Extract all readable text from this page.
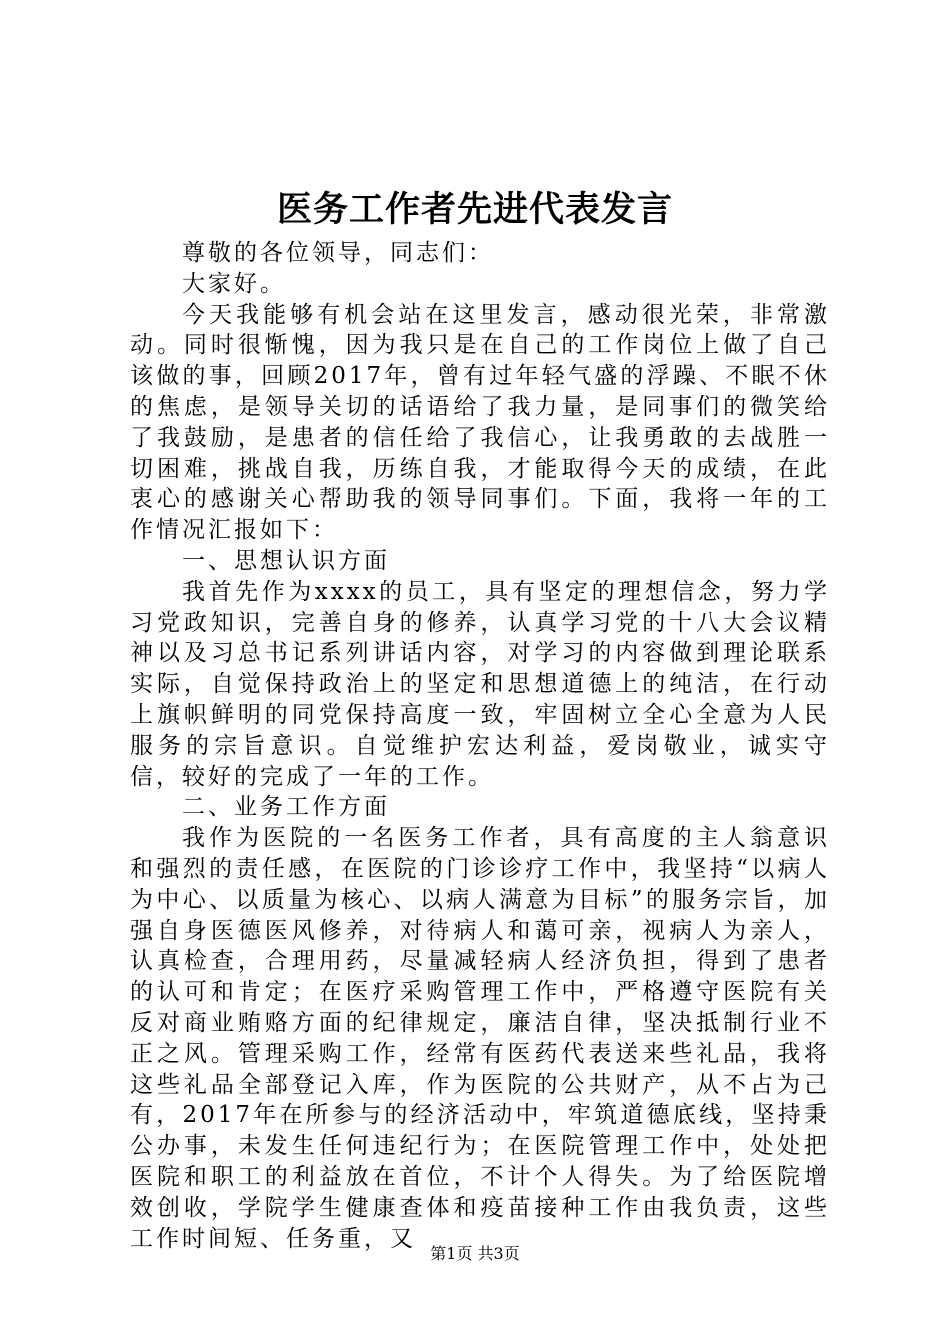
医务工作者先进代表发言

尊敬的各位领导，同志们：

大家好。

今天我能够有机会站在这里发言，感动很光荣，非常激动。同时很惭愧，因为我只是在自己的工作岗位上做了自己该做的事，回顾2017年，曾有过年轻气盛的浮躁、不眠不休的焦虑，是领导关切的话语给了我力量，是同事们的微笑给了我鼓励，是患者的信任给了我信心，让我勇敢的去战胜一切困难，挑战自我，历练自我，才能取得今天的成绩，在此衷心的感谢关心帮助我的领导同事们。下面，我将一年的工作情况汇报如下：

一、思想认识方面

我首先作为xxxx的员工，具有坚定的理想信念，努力学习党政知识，完善自身的修养，认真学习党的十八大会议精神以及习总书记系列讲话内容，对学习的内容做到理论联系实际，自觉保持政治上的坚定和思想道德上的纯洁，在行动上旗帜鲜明的同党保持高度一致，牢固树立全心全意为人民服务的宗旨意识。自觉维护宏达利益，爱岗敬业，诚实守信，较好的完成了一年的工作。

二、业务工作方面

我作为医院的一名医务工作者，具有高度的主人翁意识和强烈的责任感，在医院的门诊诊疗工作中，我坚持“以病人为中心、以质量为核心、以病人满意为目标”的服务宗旨，加强自身医德医风修养，对待病人和蔼可亲，视病人为亲人，认真检查，合理用药，尽量减轻病人经济负担，得到了患者的认可和肯定；在医疗采购管理工作中，严格遵守医院有关反对商业贿赂方面的纪律规定，廉洁自律，坚决抵制行业不正之风。管理采购工作，经常有医药代表送来些礼品，我将这些礼品全部登记入库，作为医院的公共财产，从不占为己有，2017年在所参与的经济活动中，牢筑道德底线，坚持秉公办事，未发生任何违纪行为；在医院管理工作中，处处把医院和职工的利益放在首位，不计个人得失。为了给医院增效创收，学院学生健康查体和疫苗接种工作由我负责，这些工作时间短、任务重，又

第1页 共3页
